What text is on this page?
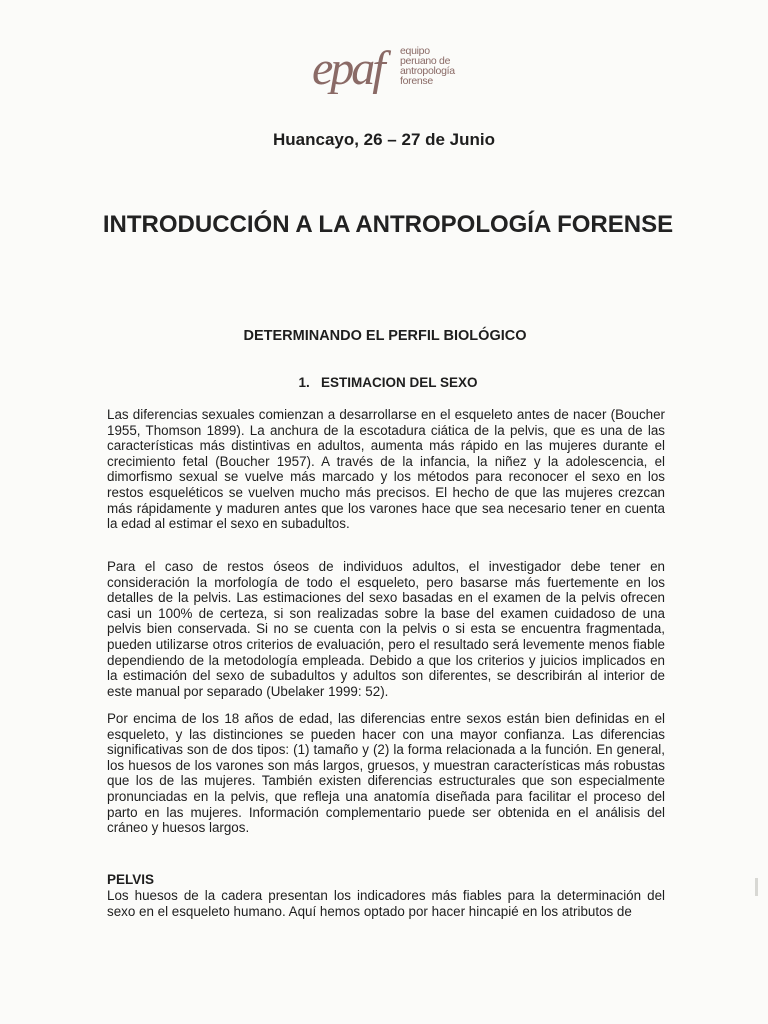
epaf	equipo
peruano de
antropología
forense
Huancayo, 26 – 27 de Junio
INTRODUCCIÓN A LA ANTROPOLOGÍA FORENSE
DETERMINANDO EL PERFIL BIOLÓGICO
1.   ESTIMACION DEL SEXO

Las diferencias sexuales comienzan a desarrollarse en el esqueleto antes de nacer (Boucher 1955, Thomson 1899). La anchura de la escotadura ciática de la pelvis, que es una de las características más distintivas en adultos, aumenta más rápido en las mujeres durante el crecimiento fetal (Boucher 1957). A través de la infancia, la niñez y la adolescencia, el dimorfismo sexual se vuelve más marcado y los métodos para reconocer el sexo en los restos esqueléticos se vuelven mucho más precisos. El hecho de que las mujeres crezcan más rápidamente y maduren antes que los varones hace que sea necesario tener en cuenta la edad al estimar el sexo en subadultos.

Para el caso de restos óseos de individuos adultos, el investigador debe tener en consideración la morfología de todo el esqueleto, pero basarse más fuertemente en los detalles de la pelvis. Las estimaciones del sexo basadas en el examen de la pelvis ofrecen casi un 100% de certeza, si son realizadas sobre la base del examen cuidadoso de una pelvis bien conservada. Si no se cuenta con la pelvis o si esta se encuentra fragmentada, pueden utilizarse otros criterios de evaluación, pero el resultado será levemente menos fiable dependiendo de la metodología empleada. Debido a que los criterios y juicios implicados en la estimación del sexo de subadultos y adultos son diferentes, se describirán al interior de este manual por separado (Ubelaker 1999: 52).

Por encima de los 18 años de edad, las diferencias entre sexos están bien definidas en el esqueleto, y las distinciones se pueden hacer con una mayor confianza. Las diferencias significativas son de dos tipos: (1) tamaño y (2) la forma relacionada a la función. En general, los huesos de los varones son más largos, gruesos, y muestran características más robustas que los de las mujeres. También existen diferencias estructurales que son especialmente pronunciadas en la pelvis, que refleja una anatomía diseñada para facilitar el proceso del parto en las mujeres. Información complementario puede ser obtenida en el análisis del cráneo y huesos largos.

PELVIS

Los huesos de la cadera presentan los indicadores más fiables para la determinación del sexo en el esqueleto humano. Aquí hemos optado por hacer hincapié en los atributos de
